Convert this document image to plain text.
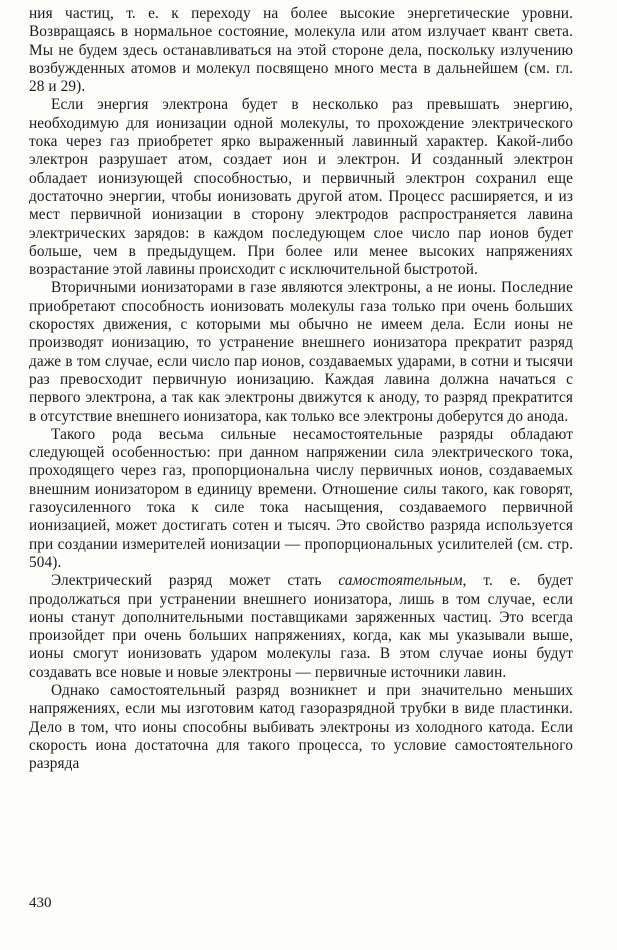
ния частиц, т. е. к переходу на более высокие энергетические уровни. Возвращаясь в нормальное состояние, молекула или атом излучает квант света. Мы не будем здесь останавливаться на этой стороне дела, поскольку излучению возбужденных атомов и молекул посвящено много места в дальнейшем (см. гл. 28 и 29).

Если энергия электрона будет в несколько раз превышать энергию, необходимую для ионизации одной молекулы, то прохождение электрического тока через газ приобретет ярко выраженный лавинный характер. Какой-либо электрон разрушает атом, создает ион и электрон. И созданный электрон обладает ионизующей способностью, и первичный электрон сохранил еще достаточно энергии, чтобы ионизовать другой атом. Процесс расширяется, и из мест первичной ионизации в сторону электродов распространяется лавина электрических зарядов: в каждом последующем слое число пар ионов будет больше, чем в предыдущем. При более или менее высоких напряжениях возрастание этой лавины происходит с исключительной быстротой.

Вторичными ионизаторами в газе являются электроны, а не ионы. Последние приобретают способность ионизовать молекулы газа только при очень больших скоростях движения, с которыми мы обычно не имеем дела. Если ионы не производят ионизацию, то устранение внешнего ионизатора прекратит разряд даже в том случае, если число пар ионов, создаваемых ударами, в сотни и тысячи раз превосходит первичную ионизацию. Каждая лавина должна начаться с первого электрона, а так как электроны движутся к аноду, то разряд прекратится в отсутствие внешнего ионизатора, как только все электроны доберутся до анода.

Такого рода весьма сильные несамостоятельные разряды обладают следующей особенностью: при данном напряжении сила электрического тока, проходящего через газ, пропорциональна числу первичных ионов, создаваемых внешним ионизатором в единицу времени. Отношение силы такого, как говорят, газоусиленного тока к силе тока насыщения, создаваемого первичной ионизацией, может достигать сотен и тысяч. Это свойство разряда используется при создании измерителей ионизации — пропорциональных усилителей (см. стр. 504).

Электрический разряд может стать самостоятельным, т. е. будет продолжаться при устранении внешнего ионизатора, лишь в том случае, если ионы станут дополнительными поставщиками заряженных частиц. Это всегда произойдет при очень больших напряжениях, когда, как мы указывали выше, ионы смогут ионизовать ударом молекулы газа. В этом случае ионы будут создавать все новые и новые электроны — первичные источники лавин.

Однако самостоятельный разряд возникнет и при значительно меньших напряжениях, если мы изготовим катод газоразрядной трубки в виде пластинки. Дело в том, что ионы способны выбивать электроны из холодного катода. Если скорость иона достаточна для такого процесса, то условие самостоятельного разряда

430
